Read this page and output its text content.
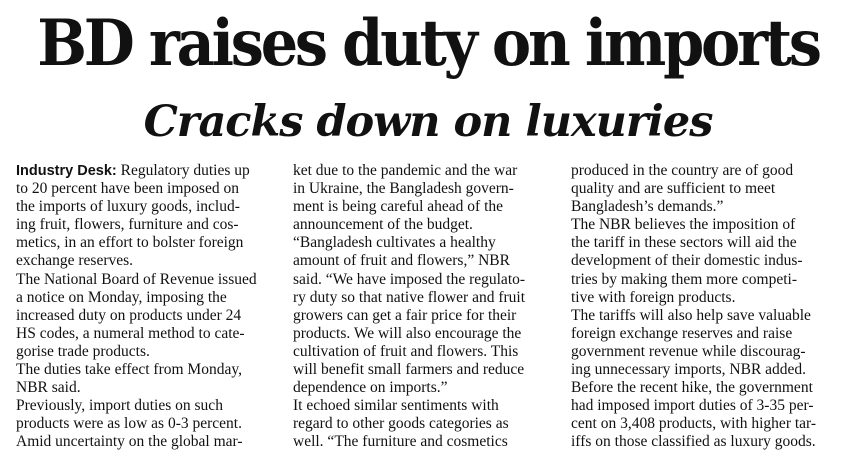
BD raises duty on imports
Cracks down on luxuries

Industry Desk: Regulatory duties up

to 20 percent have been imposed on

the imports of luxury goods, includ-

ing fruit, flowers, furniture and cos-

metics, in an effort to bolster foreign

exchange reserves.

The National Board of Revenue issued

a notice on Monday, imposing the

increased duty on products under 24

HS codes, a numeral method to cate-

gorise trade products.

The duties take effect from Monday,

NBR said.

Previously, import duties on such

products were as low as 0-3 percent.

Amid uncertainty on the global mar-

ket due to the pandemic and the war

in Ukraine, the Bangladesh govern-

ment is being careful ahead of the

announcement of the budget.

“Bangladesh cultivates a healthy

amount of fruit and flowers,” NBR

said. “We have imposed the regulato-

ry duty so that native flower and fruit

growers can get a fair price for their

products. We will also encourage the

cultivation of fruit and flowers. This

will benefit small farmers and reduce

dependence on imports.”

It echoed similar sentiments with

regard to other goods categories as

well. “The furniture and cosmetics

produced in the country are of good

quality and are sufficient to meet

Bangladesh’s demands.”

The NBR believes the imposition of

the tariff in these sectors will aid the

development of their domestic indus-

tries by making them more competi-

tive with foreign products.

The tariffs will also help save valuable

foreign exchange reserves and raise

government revenue while discourag-

ing unnecessary imports, NBR added.

Before the recent hike, the government

had imposed import duties of 3-35 per-

cent on 3,408 products, with higher tar-

iffs on those classified as luxury goods.
